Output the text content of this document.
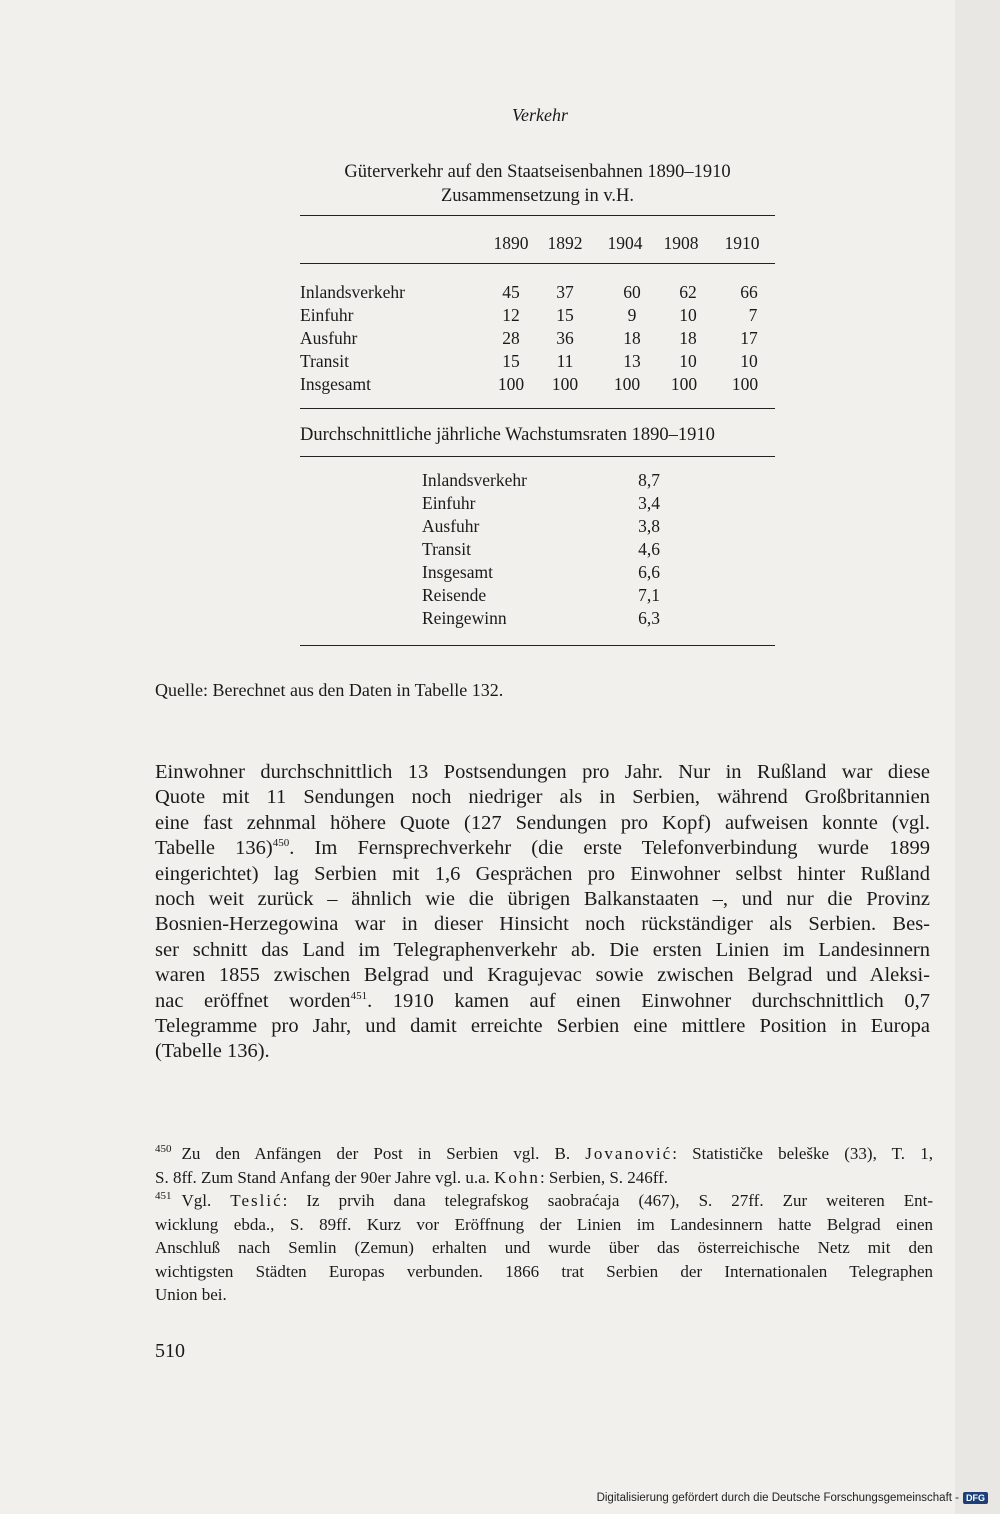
Verkehr
Güterverkehr auf den Staatseisenbahnen 1890–1910
Zusammensetzung in v.H.
1890	1892	1904	1908	1910
Inlandsverkehr	45	37	60	62	66
Einfuhr	12	15	9	10	7
Ausfuhr	28	36	18	18	17
Transit	15	11	13	10	10
Insgesamt	100	100	100	100	100
Durchschnittliche jährliche Wachstumsraten 1890–1910
Inlandsverkehr	8,7
Einfuhr	3,4
Ausfuhr	3,8
Transit	4,6
Insgesamt	6,6
Reisende	7,1
Reingewinn	6,3
Quelle: Berechnet aus den Daten in Tabelle 132.
Einwohner durchschnittlich 13 Postsendungen pro Jahr. Nur in Rußland war diese
Quote mit 11 Sendungen noch niedriger als in Serbien, während Großbritannien
eine fast zehnmal höhere Quote (127 Sendungen pro Kopf) aufweisen konnte (vgl.
Tabelle 136)$^{450}$. Im Fernsprechverkehr (die erste Telefonverbindung wurde 1899
eingerichtet) lag Serbien mit 1,6 Gesprächen pro Einwohner selbst hinter Rußland
noch weit zurück – ähnlich wie die übrigen Balkanstaaten –, und nur die Provinz
Bosnien-Herzegowina war in dieser Hinsicht noch rückständiger als Serbien. Bes-
ser schnitt das Land im Telegraphenverkehr ab. Die ersten Linien im Landesinnern
waren 1855 zwischen Belgrad und Kragujevac sowie zwischen Belgrad und Aleksi-
nac eröffnet worden$^{451}$. 1910 kamen auf einen Einwohner durchschnittlich 0,7
Telegramme pro Jahr, und damit erreichte Serbien eine mittlere Position in Europa
(Tabelle 136).
$^{450}$ Zu den Anfängen der Post in Serbien vgl. B. Jovanović: Statističke beleške (33), T. 1,
S. 8ff. Zum Stand Anfang der 90er Jahre vgl. u.a. Kohn: Serbien, S. 246ff.
$^{451}$ Vgl. Teslić: Iz prvih dana telegrafskog saobraćaja (467), S. 27ff. Zur weiteren Ent-
wicklung ebda., S. 89ff. Kurz vor Eröffnung der Linien im Landesinnern hatte Belgrad einen
Anschluß nach Semlin (Zemun) erhalten und wurde über das österreichische Netz mit den
wichtigsten Städten Europas verbunden. 1866 trat Serbien der Internationalen Telegraphen
Union bei.
510
Digitalisierung gefördert durch die Deutsche Forschungsgemeinschaft - DFG
